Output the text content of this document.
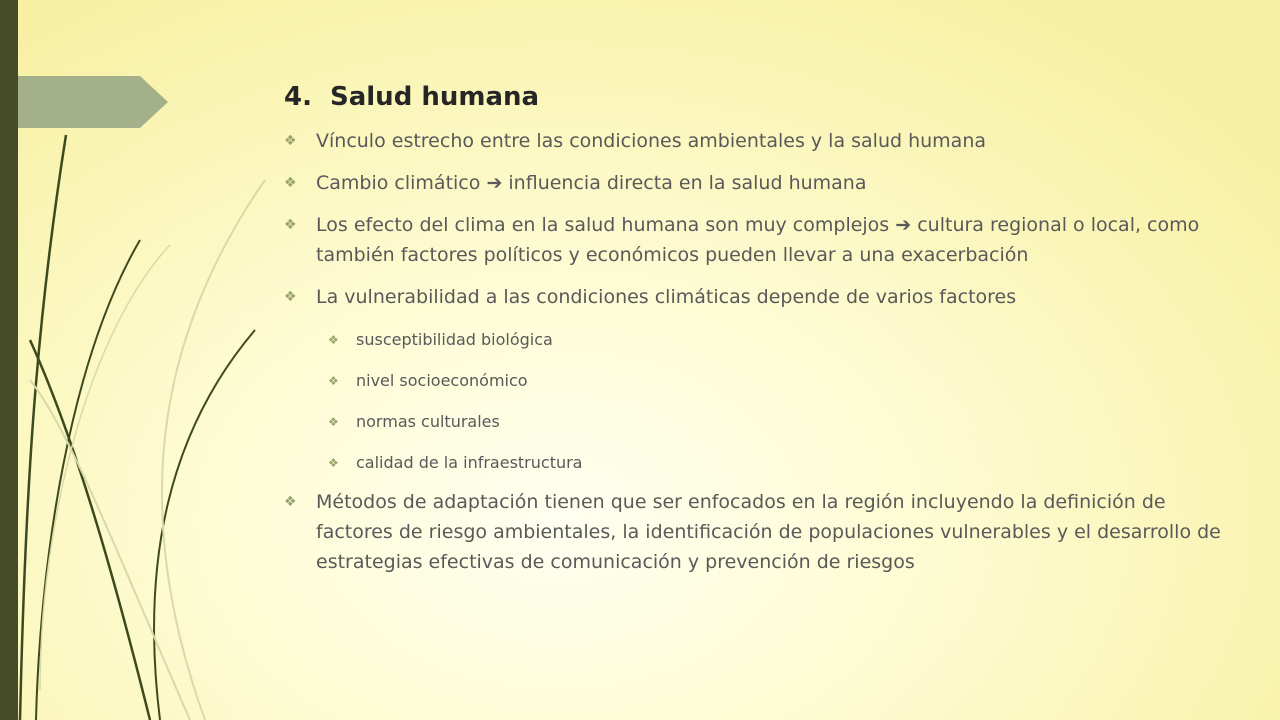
4. Salud humana
❖	Vínculo estrecho entre las condiciones ambientales y la salud humana
❖	Cambio climático ➔ influencia directa en la salud humana
❖	Los efecto del clima en la salud humana son muy complejos ➔ cultura regional o local, como también factores políticos y económicos pueden llevar a una exacerbación
❖	La vulnerabilidad a las condiciones climáticas depende de varios factores
❖	susceptibilidad biológica
❖	nivel socioeconómico
❖	normas culturales
❖	calidad de la infraestructura
❖	Métodos de adaptación tienen que ser enfocados en la región incluyendo la definición de factores de riesgo ambientales, la identificación de populaciones vulnerables y el desarrollo de estrategias efectivas de comunicación y prevención de riesgos
